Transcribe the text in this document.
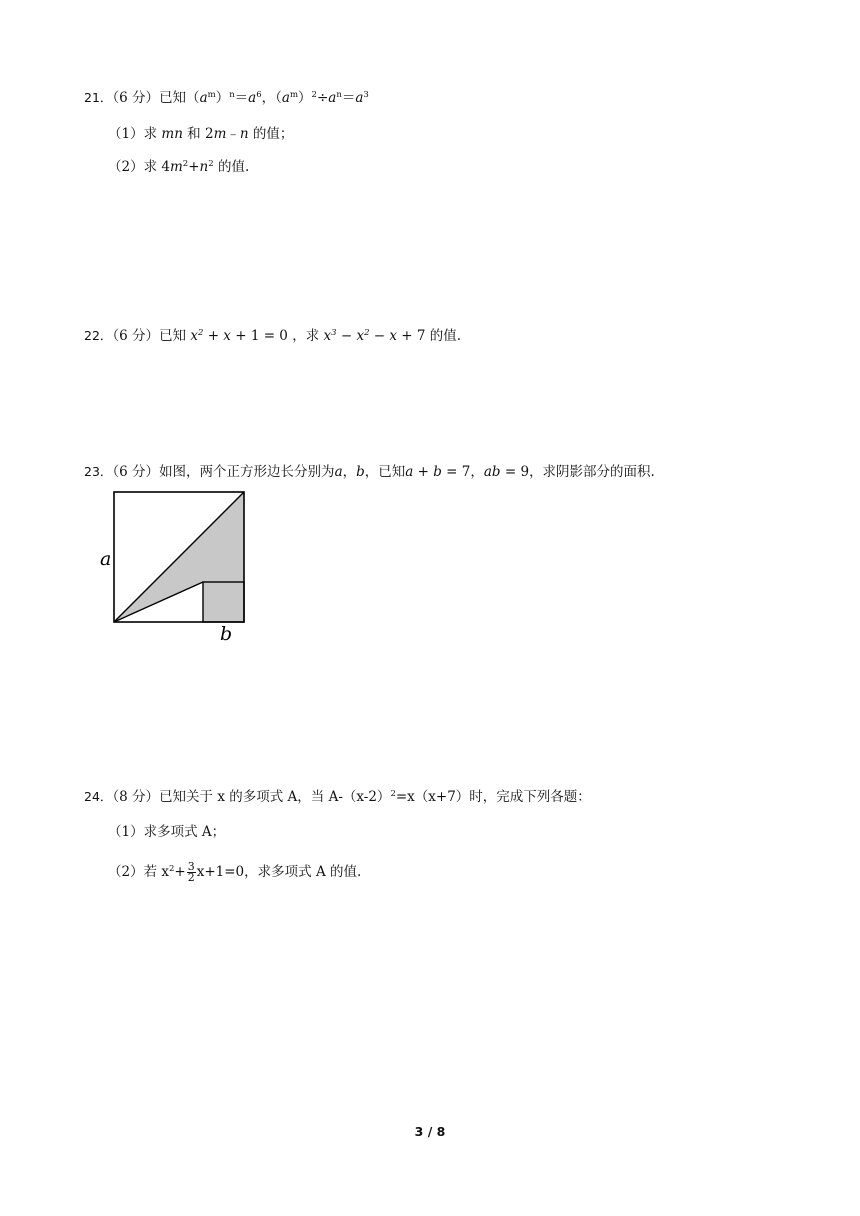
21．（6 分）已知$(a^m)^n=a^6$，$(a^m)^2\div a^n=a^3$
（1）求 mn 和 2m﹣n 的值；
（2）求 $4m^2+n^2$ 的值.
22．（6 分）已知 $x^2 + x + 1 = 0$ ，求 $x^3 - x^2 - x + 7$ 的值.
23．（6 分）如图，两个正方形边长分别为a，b，已知a + b = 7，ab = 9，求阴影部分的面积.
a
b
24．（8 分）已知关于 x 的多项式 A，当 $A-(x-2)^2=x(x+7)$时，完成下列各题：
（1）求多项式 A；
（2）若 $x^2+ \frac{3}{2} x+1=0$，求多项式 A 的值.
3 / 8
